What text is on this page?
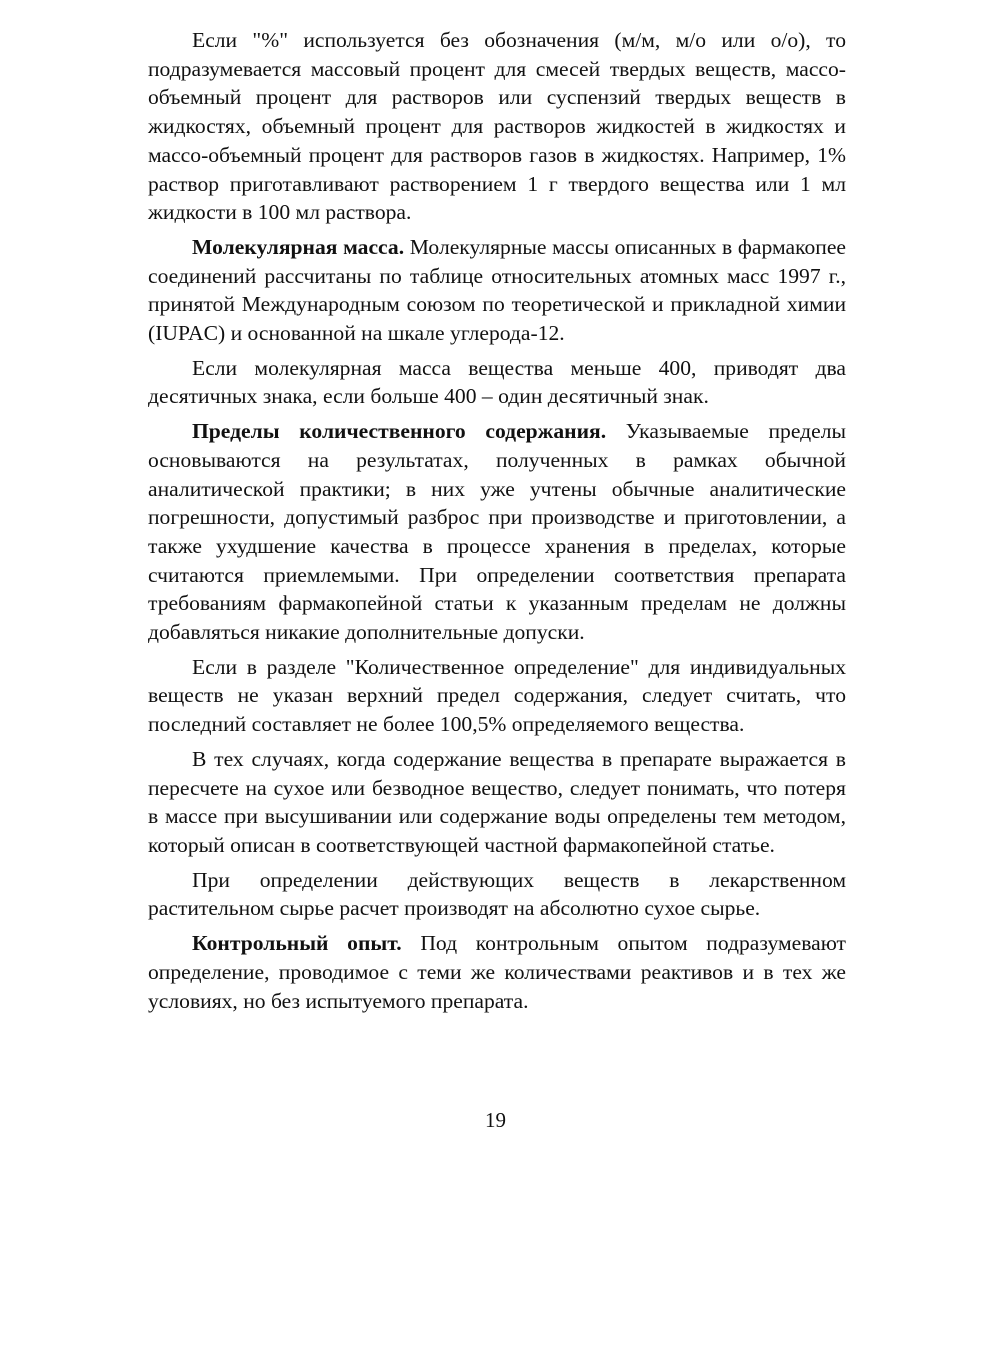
Если "%" используется без обозначения (м/м, м/о или о/о), то подразумевается массовый процент для смесей твердых веществ, массо-объемный процент для растворов или суспензий твердых веществ в жидкостях, объемный процент для растворов жидкостей в жидкостях и массо-объемный процент для растворов газов в жидкостях. Например, 1% раствор приготавливают растворением 1 г твердого вещества или 1 мл жидкости в 100 мл раствора.

Молекулярная масса. Молекулярные массы описанных в фармакопее соединений рассчитаны по таблице относительных атомных масс 1997 г., принятой Международным союзом по теоретической и прикладной химии (IUPAC) и основанной на шкале углерода-12.

Если молекулярная масса вещества меньше 400, приводят два десятичных знака, если больше 400 – один десятичный знак.

Пределы количественного содержания. Указываемые пределы основываются на результатах, полученных в рамках обычной аналитической практики; в них уже учтены обычные аналитические погрешности, допустимый разброс при производстве и приготовлении, а также ухудшение качества в процессе хранения в пределах, которые считаются приемлемыми. При определении соответствия препарата требованиям фармакопейной статьи к указанным пределам не должны добавляться никакие дополнительные допуски.

Если в разделе "Количественное определение" для индивидуальных веществ не указан верхний предел содержания, следует считать, что последний составляет не более 100,5% определяемого вещества.

В тех случаях, когда содержание вещества в препарате выражается в пересчете на сухое или безводное вещество, следует понимать, что потеря в массе при высушивании или содержание воды определены тем методом, который описан в соответствующей частной фармакопейной статье.

При определении действующих веществ в лекарственном растительном сырье расчет производят на абсолютно сухое сырье.

Контрольный опыт. Под контрольным опытом подразумевают определение, проводимое с теми же количествами реактивов и в тех же условиях, но без испытуемого препарата.

19
